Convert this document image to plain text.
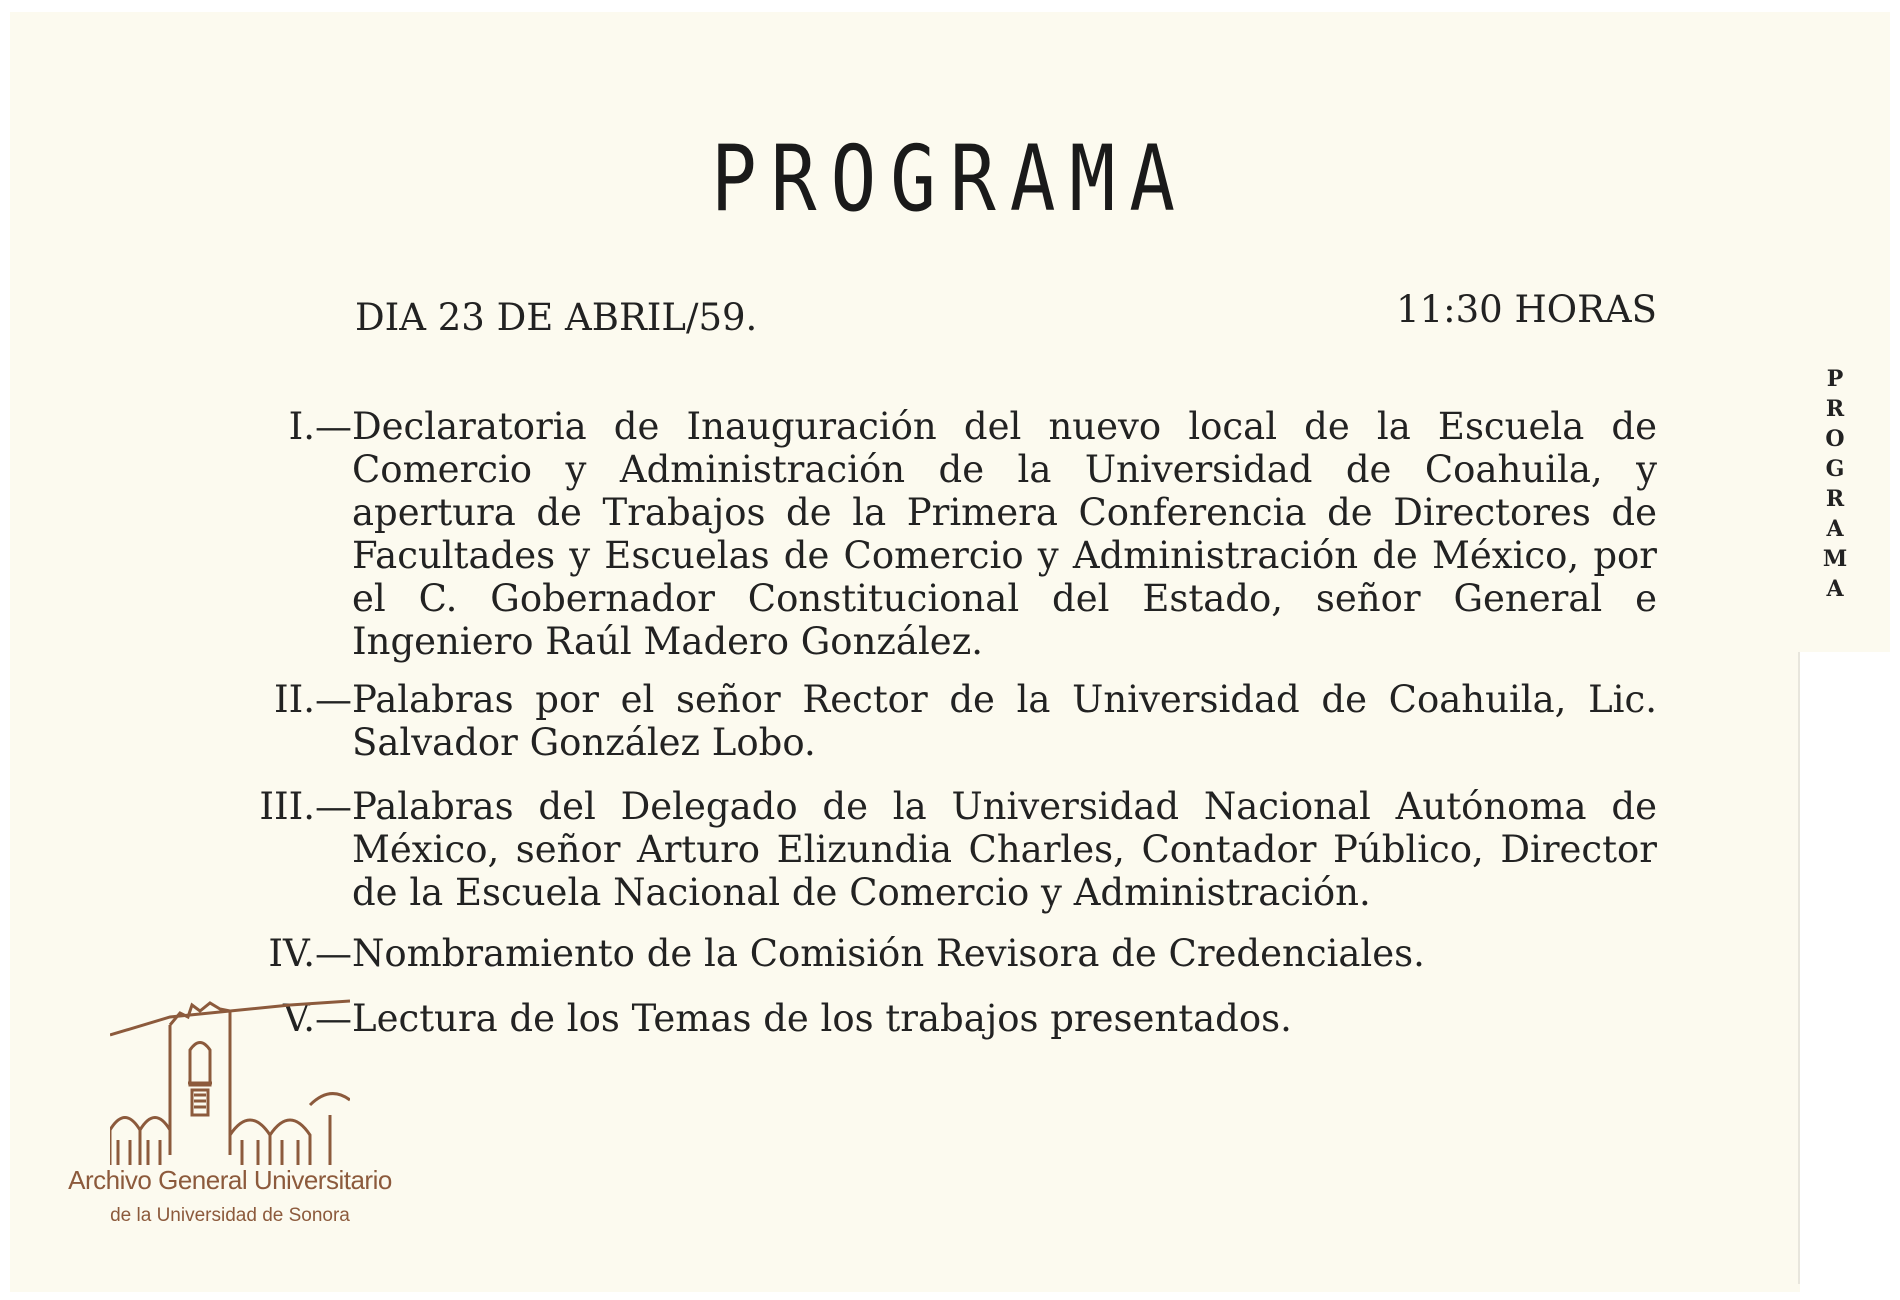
PROGRAMA
DIA 23 DE ABRIL/59.	11:30 HORAS
I.— Declaratoria de Inauguración del nuevo local de la Escuela de Comercio y Administración de la Universidad de Coahuila, y apertura de Trabajos de la Primera Conferencia de Directores de Facultades y Escuelas de Comercio y Administración de México, por el C. Gobernador Constitucional del Estado, señor General e Ingeniero Raúl Madero González.
II.— Palabras por el señor Rector de la Universidad de Coahuila, Lic. Salvador González Lobo.
III.— Palabras del Delegado de la Universidad Nacional Autónoma de México, señor Arturo Elizundia Charles, Contador Público, Director de la Escuela Nacional de Comercio y Administración.
IV.— Nombramiento de la Comisión Revisora de Credenciales.
V.— Lectura de los Temas de los trabajos presentados.
P
R
O
G
R
A
M
A
Archivo General Universitario
de la Universidad de Sonora
